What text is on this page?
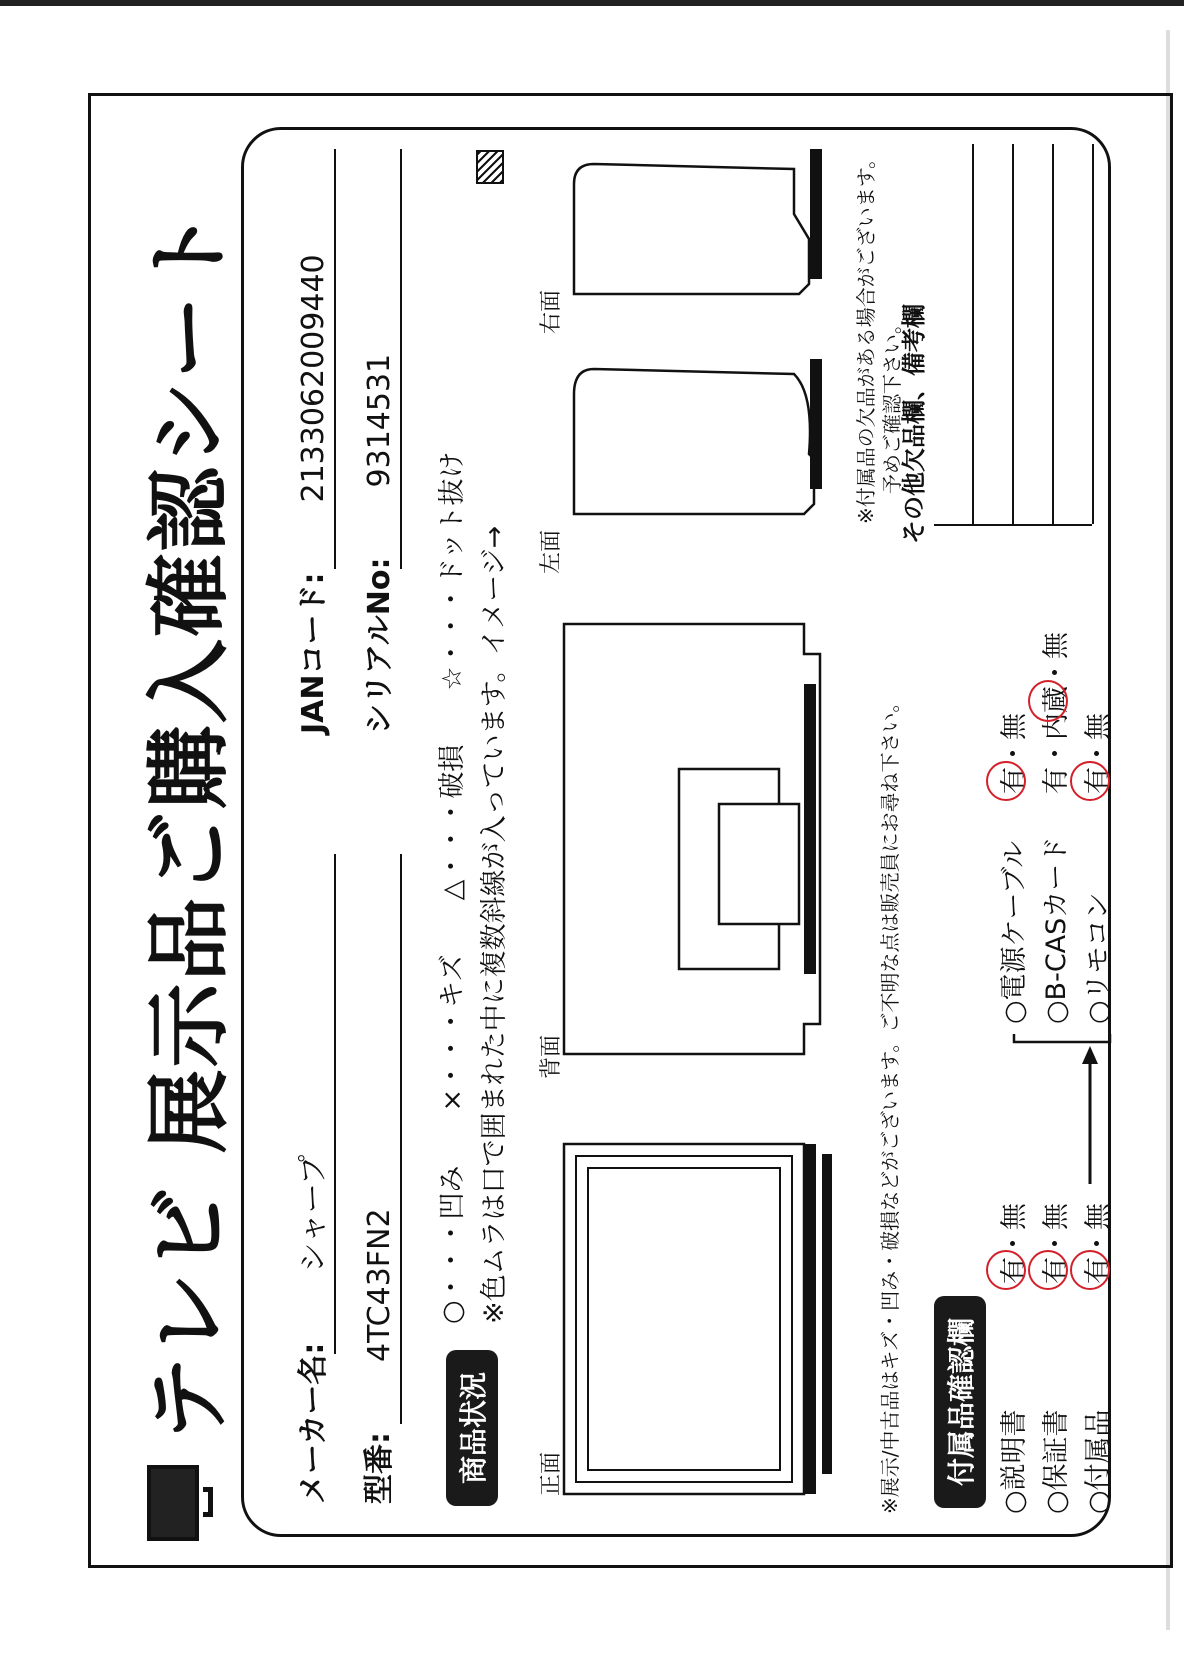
テレビ 展示品ご購入確認シート メーカー名:シャープ
JANコード:2133062009440
型番:4TC43FN2
シリアルNo:9314531
商品状況
○・・・凹み　　×・・・キズ　　△・・・破損　　☆・・・ドット抜け ※色ムラは口で囲まれた中に複数斜線が入っています。イメージ→
正面
背面
左面
右面
※展示/中古品はキズ・凹み・破損などがございます。ご不明な点は販売員にお尋ね下さい。
※付属品の欠品がある場合がございます。 予めご確認下さい。
付属品確認欄 ○説明書 ○保証書 ○付属品
有・無 有・無 有・無
○電源ケーブル ○B-CASカード ○リモコン
有・無 有・内蔵・無 有・無
その他欠品欄、備考欄
